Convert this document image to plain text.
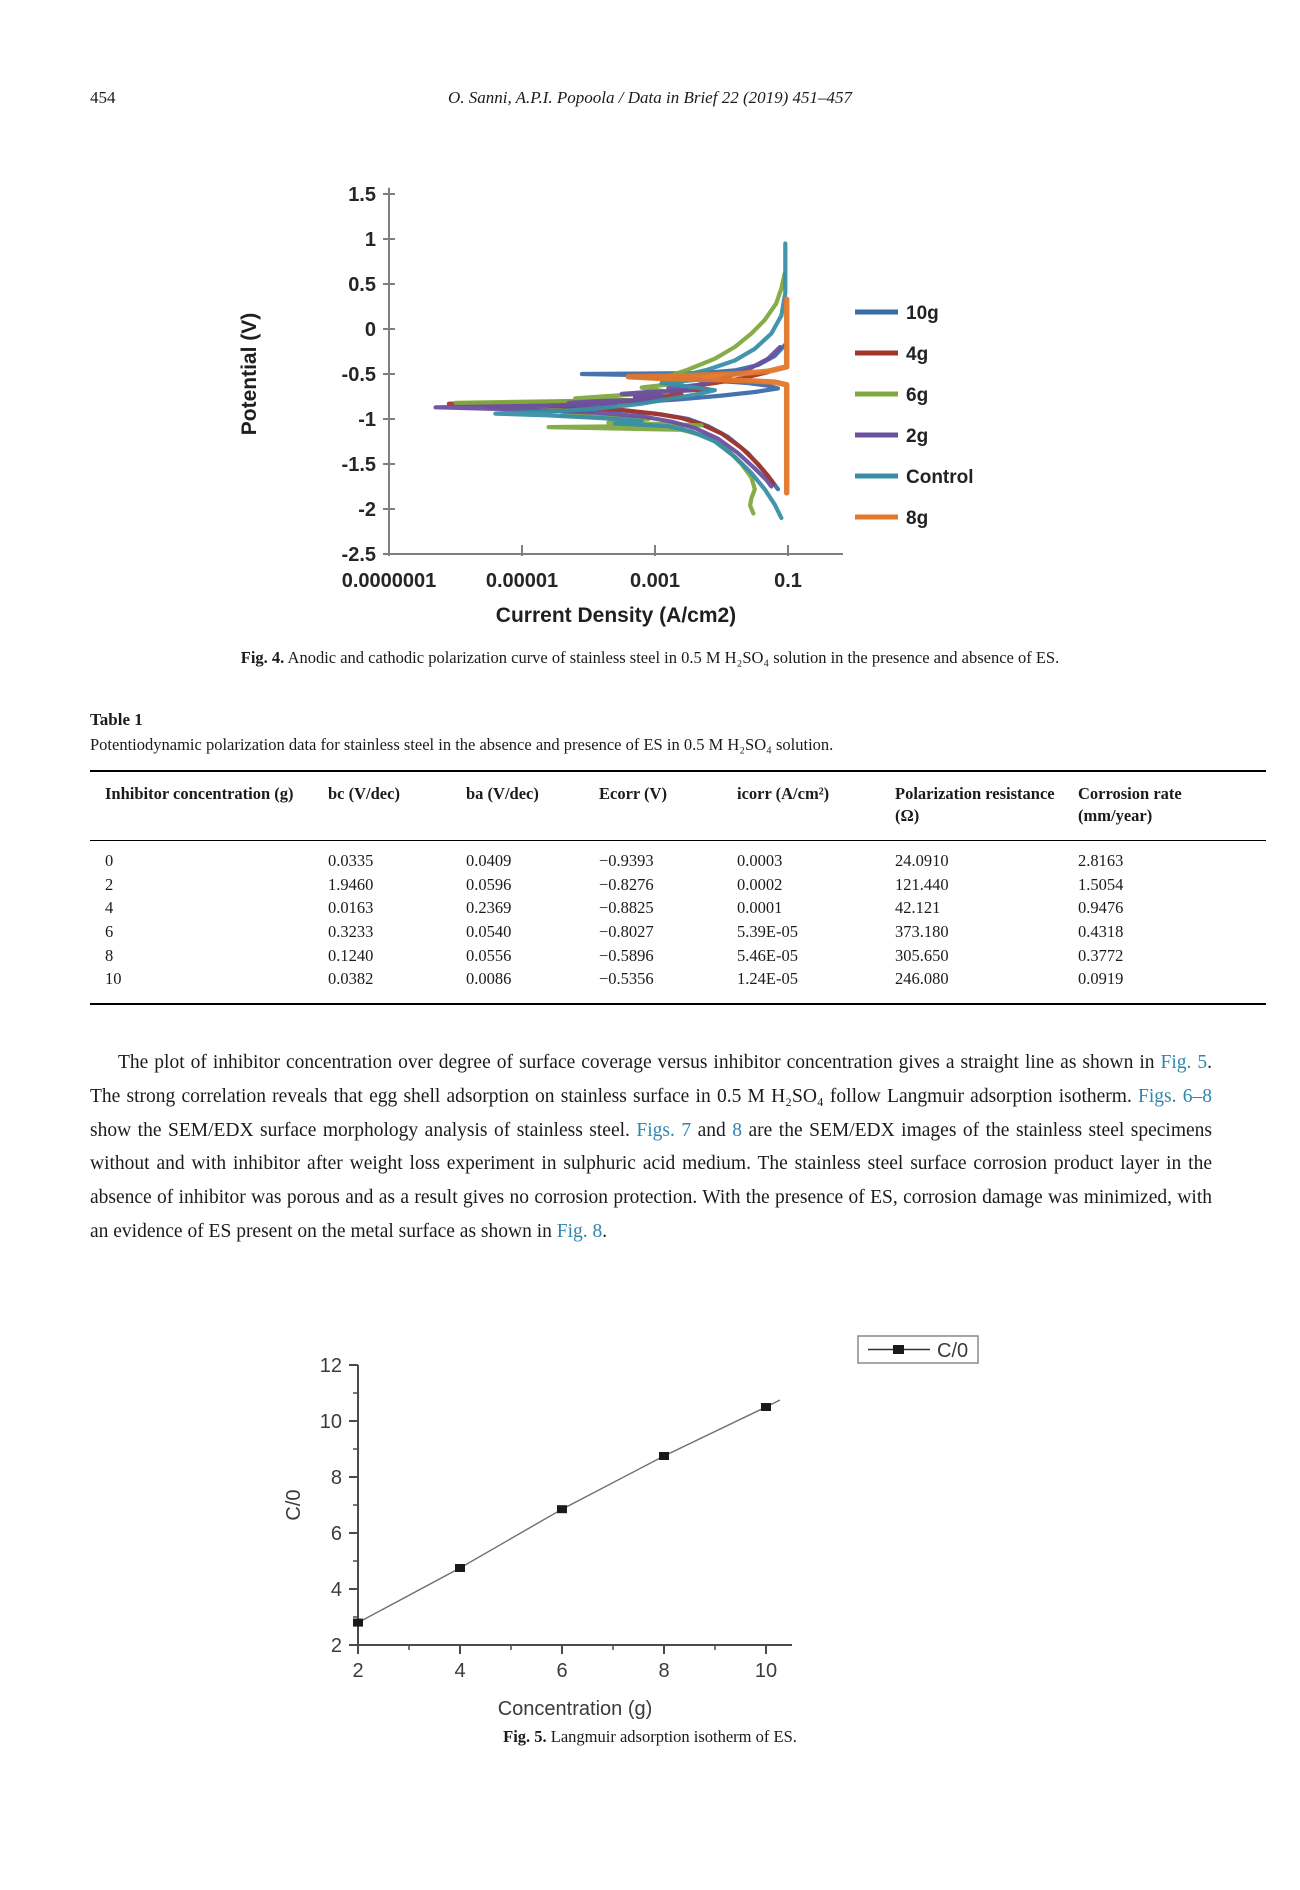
454	O. Sanni, A.P.I. Popoola / Data in Brief 22 (2019) 451–457
1.5
1
0.5
0
-0.5
-1
-1.5
-2
-2.5
0.0000001 0.00001	0.001	0.1
Current Density (A/cm2)
Potential (V)	10g
4g
6g
2g
Control
8g

Fig. 4. Anodic and cathodic polarization curve of stainless steel in 0.5 M H₂SO₄ solution in the presence and absence of ES.

Table 1

Potentiodynamic polarization data for stainless steel in the absence and presence of ES in 0.5 M H₂SO₄ solution.

Inhibitor concentration (g)	bc (V/dec)	ba (V/dec)	Ecorr (V)	icorr (A/cm²)	Polarization resistance (Ω)	Corrosion rate (mm/year)
0	0.0335	0.0409	−0.9393	0.0003	24.0910	2.8163
2	1.9460	0.0596	−0.8276	0.0002	121.440	1.5054
4	0.0163	0.2369	−0.8825	0.0001	42.121	0.9476
6	0.3233	0.0540	−0.8027	5.39E-05	373.180	0.4318
8	0.1240	0.0556	−0.5896	5.46E-05	305.650	0.3772
10	0.0382	0.0086	−0.5356	1.24E-05	246.080	0.0919

The plot of inhibitor concentration over degree of surface coverage versus inhibitor concentration gives a straight line as shown in Fig. 5. The strong correlation reveals that egg shell adsorption on stainless surface in 0.5 M H₂SO₄ follow Langmuir adsorption isotherm. Figs. 6–8 show the SEM/EDX surface morphology analysis of stainless steel. Figs. 7 and 8 are the SEM/EDX images of the stainless steel specimens without and with inhibitor after weight loss experiment in sulphuric acid medium. The stainless steel surface corrosion product layer in the absence of inhibitor was porous and as a result gives no corrosion protection. With the presence of ES, corrosion damage was minimized, with an evidence of ES present on the metal surface as shown in Fig. 8.

2	4	6	8	10
2
4
6
8
10
12
Concentration (g)
C/0
C/0

Fig. 5. Langmuir adsorption isotherm of ES.
